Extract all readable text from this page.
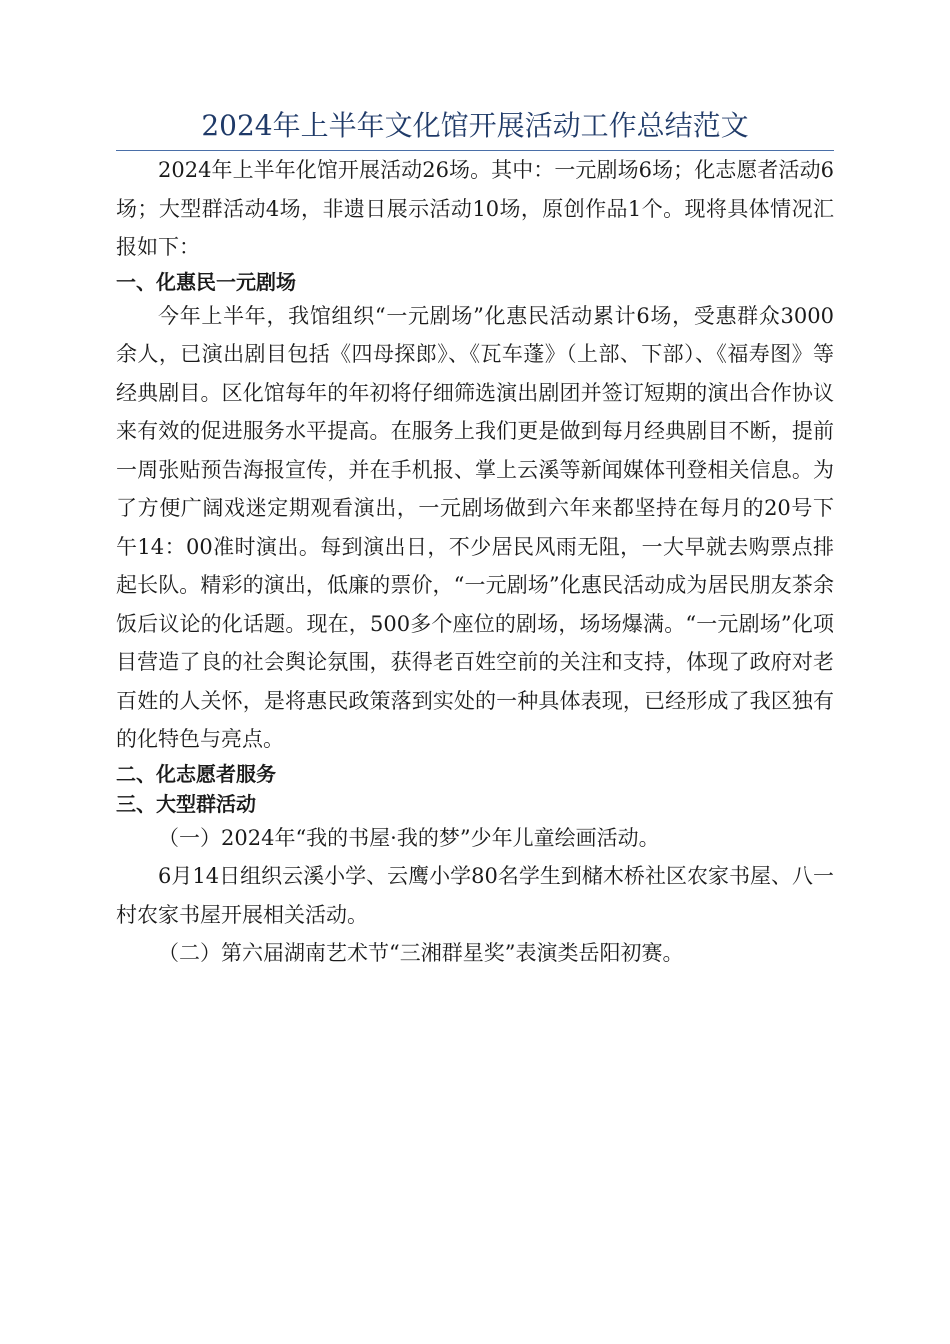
2024年上半年文化馆开展活动工作总结范文

2024年上半年化馆开展活动26场。其中：一元剧场6场；化志愿者活动6场；大型群活动4场，非遗日展示活动10场，原创作品1个。现将具体情况汇报如下：

一、化惠民一元剧场

今年上半年，我馆组织“一元剧场”化惠民活动累计6场，受惠群众3000余人，已演出剧目包括《四母探郎》、《瓦车蓬》（上部、下部）、《福寿图》等经典剧目。区化馆每年的年初将仔细筛选演出剧团并签订短期的演出合作协议来有效的促进服务水平提高。在服务上我们更是做到每月经典剧目不断，提前一周张贴预告海报宣传，并在手机报、掌上云溪等新闻媒体刊登相关信息。为了方便广阔戏迷定期观看演出，一元剧场做到六年来都坚持在每月的20号下午14：00准时演出。每到演出日，不少居民风雨无阻，一大早就去购票点排起长队。精彩的演出，低廉的票价，“一元剧场”化惠民活动成为居民朋友茶余饭后议论的化话题。现在，500多个座位的剧场，场场爆满。“一元剧场”化项目营造了良的社会舆论氛围，获得老百姓空前的关注和支持，体现了政府对老百姓的人关怀，是将惠民政策落到实处的一种具体表现，已经形成了我区独有的化特色与亮点。

二、化志愿者服务
三、大型群活动

（一）2024年“我的书屋·我的梦”少年儿童绘画活动。

6月14日组织云溪小学、云鹰小学80名学生到槠木桥社区农家书屋、八一村农家书屋开展相关活动。

（二）第六届湖南艺术节“三湘群星奖”表演类岳阳初赛。
